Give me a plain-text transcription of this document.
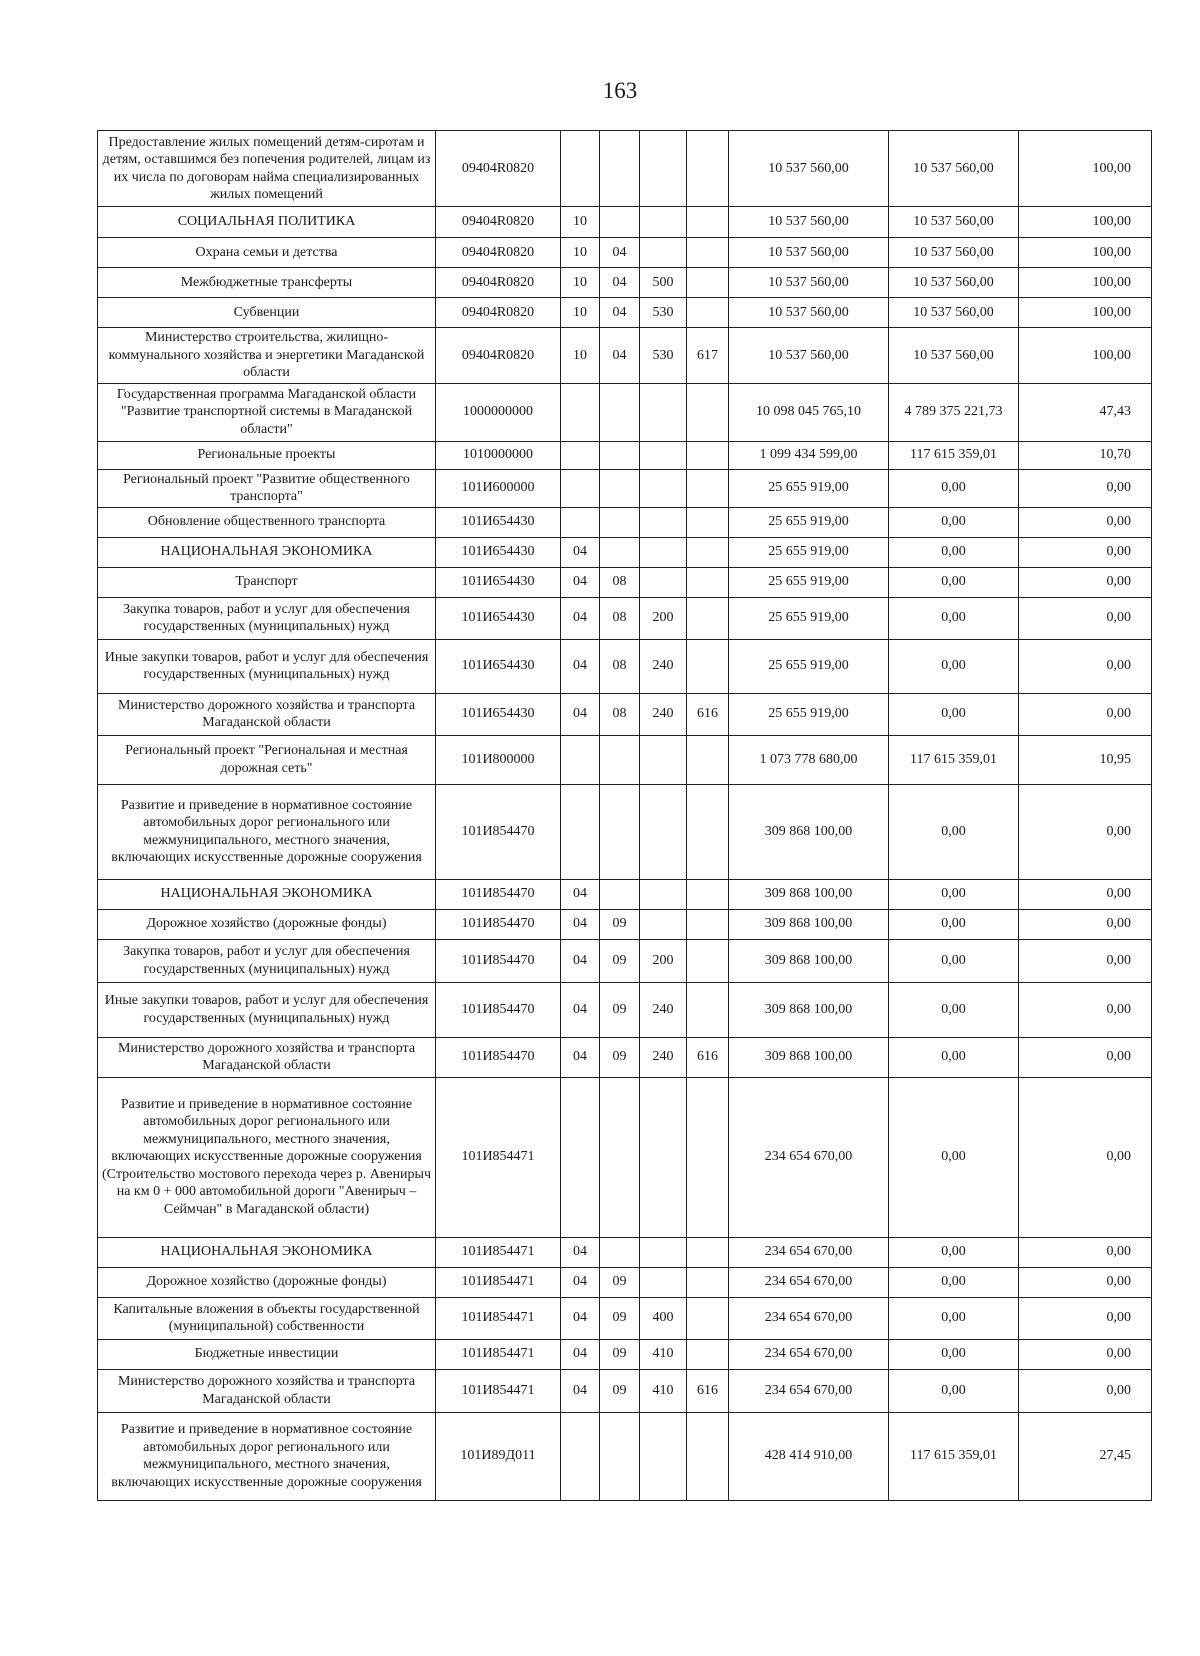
163
Предоставление жилых помещений детям-сиротам и детям, оставшимся без попечения родителей, лицам из их числа по договорам найма специализированных жилых помещений	09404R0820					10 537 560,00	10 537 560,00	100,00
СОЦИАЛЬНАЯ ПОЛИТИКА	09404R0820	10				10 537 560,00	10 537 560,00	100,00
Охрана семьи и детства	09404R0820	10	04			10 537 560,00	10 537 560,00	100,00
Межбюджетные трансферты	09404R0820	10	04	500		10 537 560,00	10 537 560,00	100,00
Субвенции	09404R0820	10	04	530		10 537 560,00	10 537 560,00	100,00
Министерство строительства, жилищно-коммунального хозяйства и энергетики Магаданской области	09404R0820	10	04	530	617	10 537 560,00	10 537 560,00	100,00
Государственная программа Магаданской области "Развитие транспортной системы в Магаданской области"	1000000000					10 098 045 765,10	4 789 375 221,73	47,43
Региональные проекты	1010000000					1 099 434 599,00	117 615 359,01	10,70
Региональный проект "Развитие общественного транспорта"	101И600000					25 655 919,00	0,00	0,00
Обновление общественного транспорта	101И654430					25 655 919,00	0,00	0,00
НАЦИОНАЛЬНАЯ ЭКОНОМИКА	101И654430	04				25 655 919,00	0,00	0,00
Транспорт	101И654430	04	08			25 655 919,00	0,00	0,00
Закупка товаров, работ и услуг для обеспечения государственных (муниципальных) нужд	101И654430	04	08	200		25 655 919,00	0,00	0,00
Иные закупки товаров, работ и услуг для обеспечения государственных (муниципальных) нужд	101И654430	04	08	240		25 655 919,00	0,00	0,00
Министерство дорожного хозяйства и транспорта Магаданской области	101И654430	04	08	240	616	25 655 919,00	0,00	0,00
Региональный проект "Региональная и местная дорожная сеть"	101И800000					1 073 778 680,00	117 615 359,01	10,95
Развитие и приведение в нормативное состояние автомобильных дорог регионального или межмуниципального, местного значения, включающих искусственные дорожные сооружения	101И854470					309 868 100,00	0,00	0,00
НАЦИОНАЛЬНАЯ ЭКОНОМИКА	101И854470	04				309 868 100,00	0,00	0,00
Дорожное хозяйство (дорожные фонды)	101И854470	04	09			309 868 100,00	0,00	0,00
Закупка товаров, работ и услуг для обеспечения государственных (муниципальных) нужд	101И854470	04	09	200		309 868 100,00	0,00	0,00
Иные закупки товаров, работ и услуг для обеспечения государственных (муниципальных) нужд	101И854470	04	09	240		309 868 100,00	0,00	0,00
Министерство дорожного хозяйства и транспорта Магаданской области	101И854470	04	09	240	616	309 868 100,00	0,00	0,00
Развитие и приведение в нормативное состояние автомобильных дорог регионального или межмуниципального, местного значения, включающих искусственные дорожные сооружения (Строительство мостового перехода через р. Авенирыч на км 0 + 000 автомобильной дороги "Авенирыч – Сеймчан" в Магаданской области)	101И854471					234 654 670,00	0,00	0,00
НАЦИОНАЛЬНАЯ ЭКОНОМИКА	101И854471	04				234 654 670,00	0,00	0,00
Дорожное хозяйство (дорожные фонды)	101И854471	04	09			234 654 670,00	0,00	0,00
Капитальные вложения в объекты государственной (муниципальной) собственности	101И854471	04	09	400		234 654 670,00	0,00	0,00
Бюджетные инвестиции	101И854471	04	09	410		234 654 670,00	0,00	0,00
Министерство дорожного хозяйства и транспорта Магаданской области	101И854471	04	09	410	616	234 654 670,00	0,00	0,00
Развитие и приведение в нормативное состояние автомобильных дорог регионального или межмуниципального, местного значения, включающих искусственные дорожные сооружения	101И89Д011					428 414 910,00	117 615 359,01	27,45
